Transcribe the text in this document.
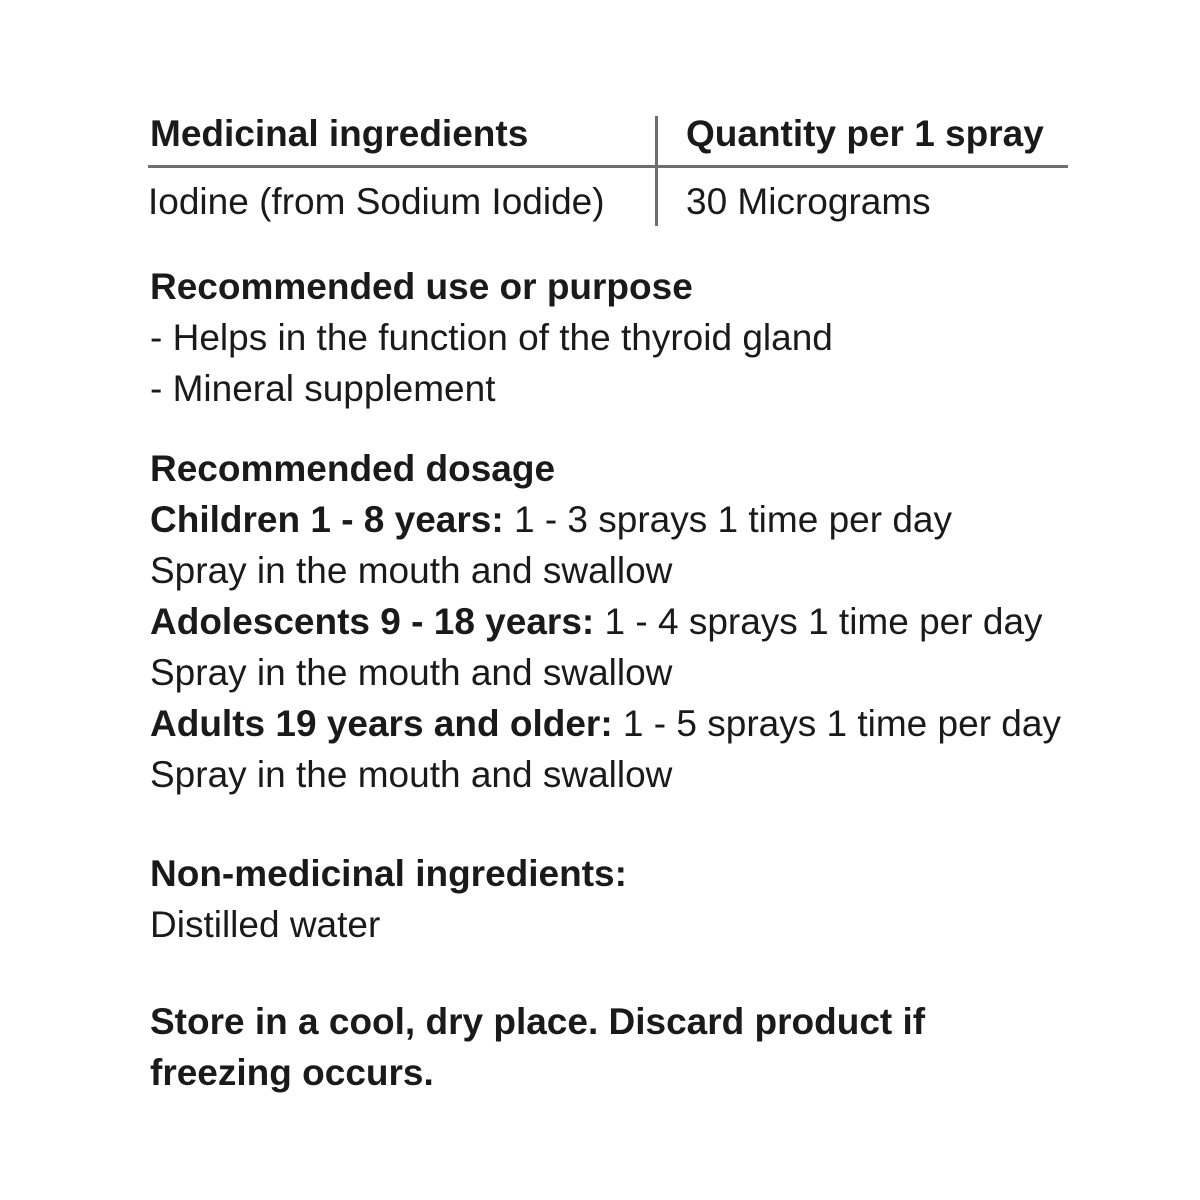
Medicinal ingredients	Quantity per 1 spray
Iodine (from Sodium Iodide) 30 Micrograms
Recommended use or purpose
- Helps in the function of the thyroid gland
- Mineral supplement
Recommended dosage
Children 1 - 8 years: 1 - 3 sprays 1 time per day
Spray in the mouth and swallow
Adolescents 9 - 18 years: 1 - 4 sprays 1 time per day
Spray in the mouth and swallow
Adults 19 years and older: 1 - 5 sprays 1 time per day
Spray in the mouth and swallow
Non-medicinal ingredients:
Distilled water
Store in a cool, dry place. Discard product if
freezing occurs.
